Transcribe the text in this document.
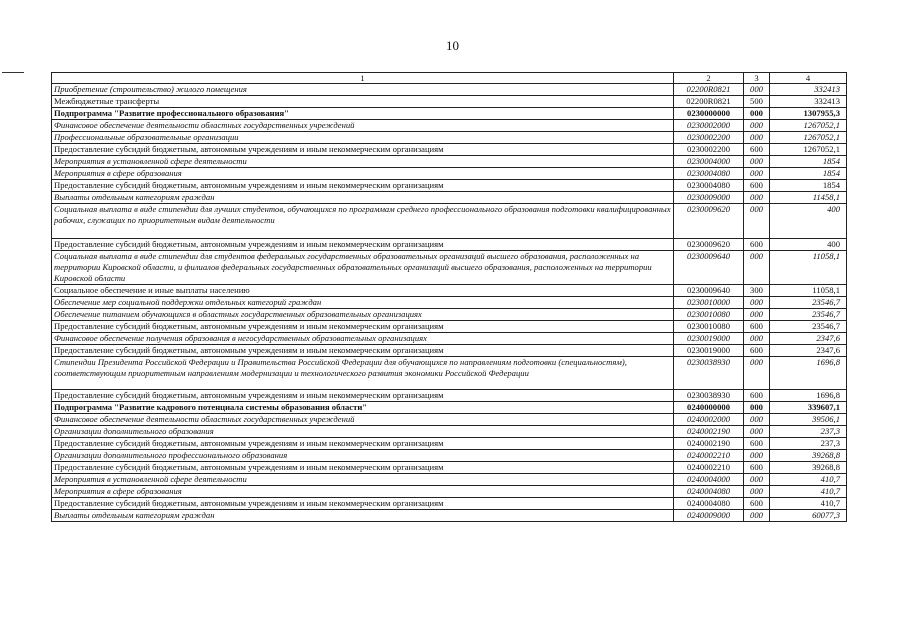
10
1	2	3	4
Приобретение (строительство) жилого помещения	02200R0821	000	332413
Межбюджетные трансферты	02200R0821	500	332413
Подпрограмма "Развитие профессионального образования"	0230000000	000	1307955,3
Финансовое обеспечение деятельности областных государственных учреждений	0230002000	000	1267052,1
Профессиональные образовательные организации	0230002200	000	1267052,1
Предоставление субсидий бюджетным, автономным учреждениям и иным некоммерческим организациям	0230002200	600	1267052,1
Мероприятия в установленной сфере деятельности	0230004000	000	1854
Мероприятия в сфере образования	0230004080	000	1854
Предоставление субсидий бюджетным, автономным учреждениям и иным некоммерческим организациям	0230004080	600	1854
Выплаты отдельным категориям граждан	0230009000	000	11458,1
Социальная выплата в виде стипендии для лучших студентов, обучающихся по программам среднего профессионального образования подготовки квалифицированных рабочих, служащих по приоритетным видам деятельности	0230009620	000	400
Предоставление субсидий бюджетным, автономным учреждениям и иным некоммерческим организациям	0230009620	600	400
Социальная выплата в виде стипендии для студентов федеральных государственных образовательных организаций высшего образования, расположенных на территории Кировской области, и филиалов федеральных государственных образовательных организаций высшего образования, расположенных на территории Кировской области	0230009640	000	11058,1
Социальное обеспечение и иные выплаты населению	0230009640	300	11058,1
Обеспечение мер социальной поддержки отдельных категорий граждан	0230010000	000	23546,7
Обеспечение питанием обучающихся в областных государственных образовательных организациях	0230010080	000	23546,7
Предоставление субсидий бюджетным, автономным учреждениям и иным некоммерческим организациям	0230010080	600	23546,7
Финансовое обеспечение получения образования в негосударственных образовательных организациях	0230019000	000	2347,6
Предоставление субсидий бюджетным, автономным учреждениям и иным некоммерческим организациям	0230019000	600	2347,6
Стипендии Президента Российской Федерации и Правительства Российской Федерации для обучающихся по направлениям подготовки (специальностям), соответствующим приоритетным направлениям модернизации и технологического развития экономики Российской Федерации	0230038930	000	1696,8
Предоставление субсидий бюджетным, автономным учреждениям и иным некоммерческим организациям	0230038930	600	1696,8
Подпрограмма "Развитие кадрового потенциала системы образования области"	0240000000	000	339607,1
Финансовое обеспечение деятельности областных государственных учреждений	0240002000	000	39506,1
Организации дополнительного образования	0240002190	000	237,3
Предоставление субсидий бюджетным, автономным учреждениям и иным некоммерческим организациям	0240002190	600	237,3
Организации дополнительного профессионального образования	0240002210	000	39268,8
Предоставление субсидий бюджетным, автономным учреждениям и иным некоммерческим организациям	0240002210	600	39268,8
Мероприятия в установленной сфере деятельности	0240004000	000	410,7
Мероприятия в сфере образования	0240004080	000	410,7
Предоставление субсидий бюджетным, автономным учреждениям и иным некоммерческим организациям	0240004080	600	410,7
Выплаты отдельным категориям граждан	0240009000	000	60077,3
